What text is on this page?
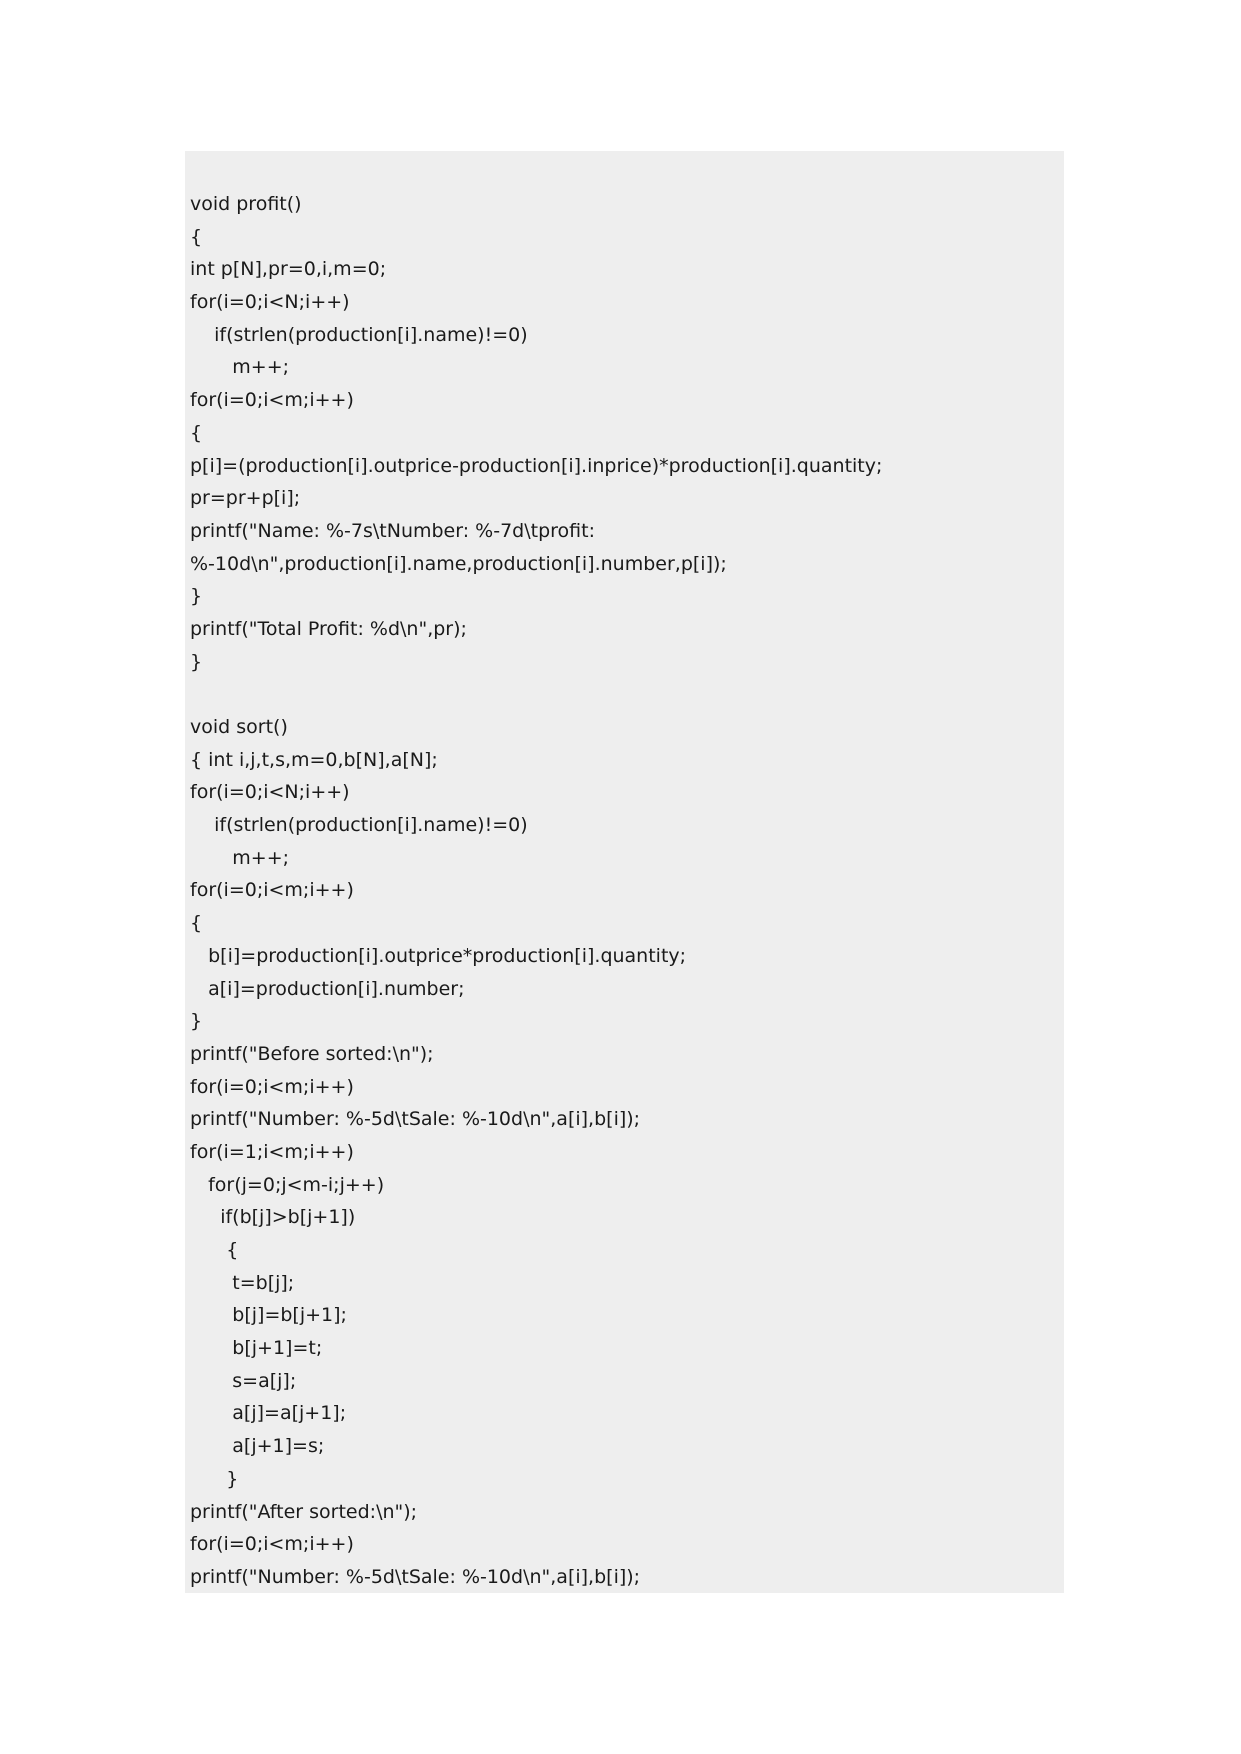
void profit()
{
int p[N],pr=0,i,m=0;
for(i=0;i<N;i++)
if(strlen(production[i].name)!=0)
m++;
for(i=0;i<m;i++)
{
p[i]=(production[i].outprice-production[i].inprice)*production[i].quantity;
pr=pr+p[i];
printf("Name: %-7s\tNumber: %-7d\tprofit:
%-10d\n",production[i].name,production[i].number,p[i]);
}
printf("Total Profit: %d\n",pr);
}
void sort()
{ int i,j,t,s,m=0,b[N],a[N];
for(i=0;i<N;i++)
if(strlen(production[i].name)!=0)
m++;
for(i=0;i<m;i++)
{
b[i]=production[i].outprice*production[i].quantity;
a[i]=production[i].number;
}
printf("Before sorted:\n");
for(i=0;i<m;i++)
printf("Number: %-5d\tSale: %-10d\n",a[i],b[i]);
for(i=1;i<m;i++)
for(j=0;j<m-i;j++)
if(b[j]>b[j+1])
{
t=b[j];
b[j]=b[j+1];
b[j+1]=t;
s=a[j];
a[j]=a[j+1];
a[j+1]=s;
}
printf("After sorted:\n");
for(i=0;i<m;i++)
printf("Number: %-5d\tSale: %-10d\n",a[i],b[i]);
